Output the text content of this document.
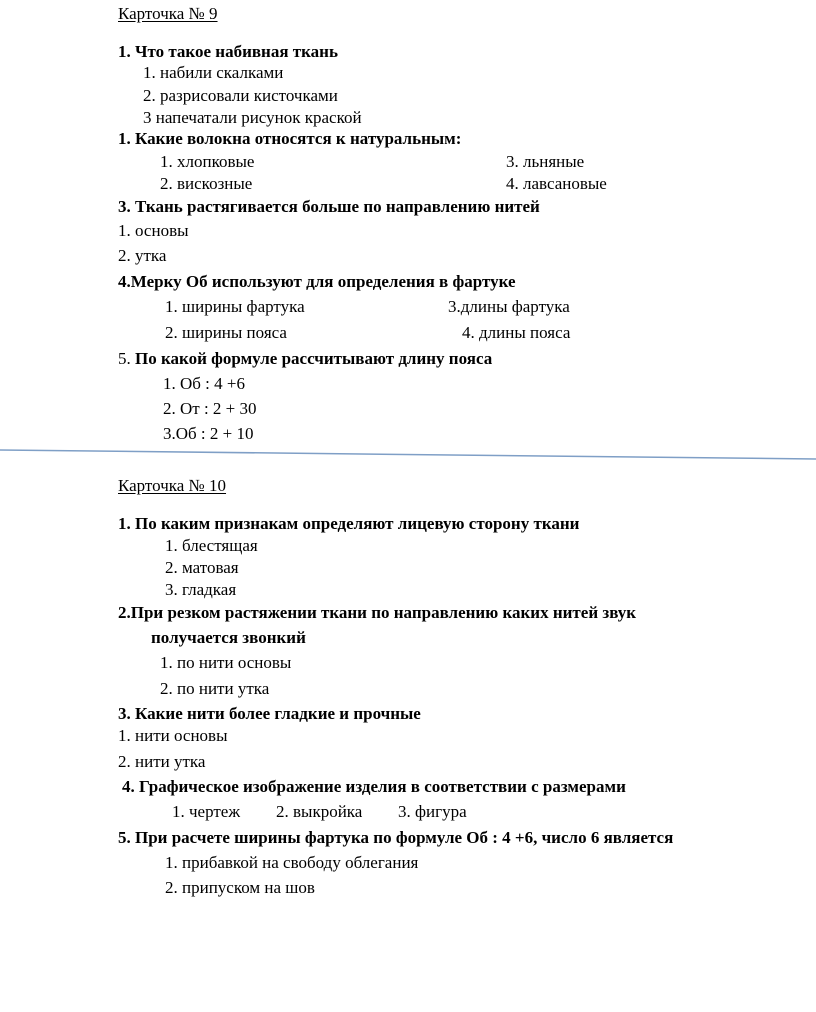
Карточка № 9
1. Что такое набивная ткань
1. набили скалками
2. разрисовали кисточками
3 напечатали рисунок краской
1. Какие волокна относятся к натуральным:
1. хлопковые	3. льняные
2. вискозные	4. лавсановые
3. Ткань растягивается больше по направлению нитей
1. основы
2. утка
4.Мерку Об используют для определения в фартуке
1. ширины фартука	3.длины фартука
2. ширины пояса	4. длины пояса
5. По какой формуле рассчитывают длину пояса
1. Об : 4 +6
2. От : 2 + 30
3.Об : 2 + 10
Карточка № 10
1. По каким признакам определяют лицевую сторону ткани
1. блестящая
2. матовая
3. гладкая
2.При резком растяжении ткани по направлению каких нитей звук
получается звонкий
1. по нити основы
2. по нити утка
3. Какие нити более гладкие и прочные
1. нити основы
2. нити утка
4. Графическое изображение изделия в соответствии с размерами
1. чертеж 2. выкройка 3. фигура
5. При расчете ширины фартука по формуле Об : 4 +6, число 6 является
1. прибавкой на свободу облегания
2. припуском на шов
